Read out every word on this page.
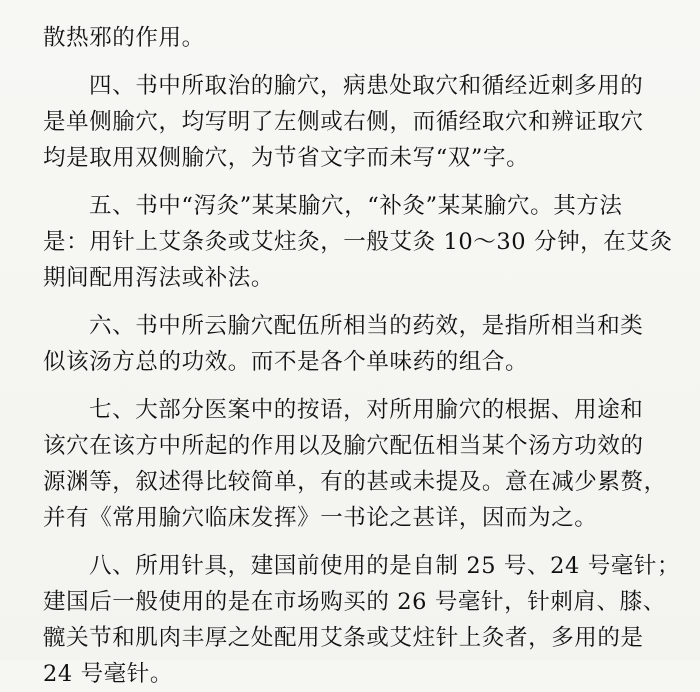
散热邪的作用。
四、书中所取治的腧穴，病患处取穴和循经近刺多用的
是单侧腧穴，均写明了左侧或右侧，而循经取穴和辨证取穴
均是取用双侧腧穴，为节省文字而未写“双”字。
五、书中“泻灸”某某腧穴，“补灸”某某腧穴。其方法
是：用针上艾条灸或艾炷灸，一般艾灸 10～30 分钟，在艾灸
期间配用泻法或补法。
六、书中所云腧穴配伍所相当的药效，是指所相当和类
似该汤方总的功效。而不是各个单味药的组合。
七、大部分医案中的按语，对所用腧穴的根据、用途和
该穴在该方中所起的作用以及腧穴配伍相当某个汤方功效的
源渊等，叙述得比较简单，有的甚或未提及。意在减少累赘，
并有《常用腧穴临床发挥》一书论之甚详，因而为之。
八、所用针具，建国前使用的是自制 25 号、24 号毫针；
建国后一般使用的是在市场购买的 26 号毫针，针刺肩、膝、
髋关节和肌肉丰厚之处配用艾条或艾炷针上灸者，多用的是
24 号毫针。
